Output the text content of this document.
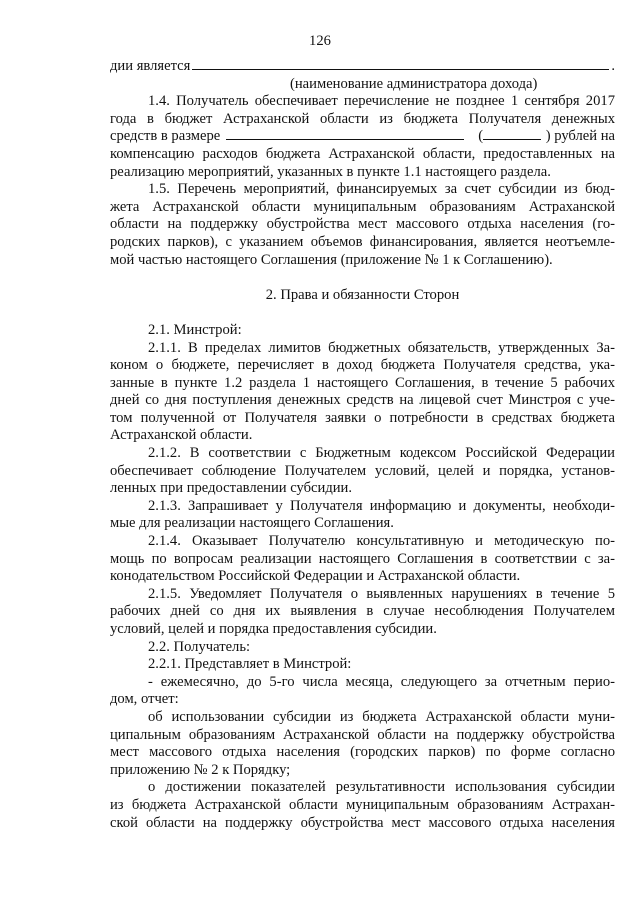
126
дии является	.
(наименование администратора дохода)
1.4. Получатель обеспечивает перечисление не позднее 1 сентября 2017
года в бюджет Астраханской области из бюджета Получателя денежных
средств в размере	(	) рублей на
компенсацию расходов бюджета Астраханской области, предоставленных на
реализацию мероприятий, указанных в пункте 1.1 настоящего раздела.
1.5. Перечень мероприятий, финансируемых за счет субсидии из бюд-
жета Астраханской области муниципальным образованиям Астраханской
области на поддержку обустройства мест массового отдыха населения (го-
родских парков), с указанием объемов финансирования, является неотъемле-
мой частью настоящего Соглашения (приложение № 1 к Соглашению).
2. Права и обязанности Сторон
2.1. Минстрой:
2.1.1. В пределах лимитов бюджетных обязательств, утвержденных За-
коном о бюджете, перечисляет в доход бюджета Получателя средства, ука-
занные в пункте 1.2 раздела 1 настоящего Соглашения, в течение 5 рабочих
дней со дня поступления денежных средств на лицевой счет Минстроя с уче-
том полученной от Получателя заявки о потребности в средствах бюджета
Астраханской области.
2.1.2. В соответствии с Бюджетным кодексом Российской Федерации
обеспечивает соблюдение Получателем условий, целей и порядка, установ-
ленных при предоставлении субсидии.
2.1.3. Запрашивает у Получателя информацию и документы, необходи-
мые для реализации настоящего Соглашения.
2.1.4. Оказывает Получателю консультативную и методическую по-
мощь по вопросам реализации настоящего Соглашения в соответствии с за-
конодательством Российской Федерации и Астраханской области.
2.1.5. Уведомляет Получателя о выявленных нарушениях в течение 5
рабочих дней со дня их выявления в случае несоблюдения Получателем
условий, целей и порядка предоставления субсидии.
2.2. Получатель:
2.2.1. Представляет в Минстрой:
- ежемесячно, до 5-го числа месяца, следующего за отчетным перио-
дом, отчет:
об использовании субсидии из бюджета Астраханской области муни-
ципальным образованиям Астраханской области на поддержку обустройства
мест массового отдыха населения (городских парков) по форме согласно
приложению № 2 к Порядку;
о достижении показателей результативности использования субсидии
из бюджета Астраханской области муниципальным образованиям Астрахан-
ской области на поддержку обустройства мест массового отдыха населения
